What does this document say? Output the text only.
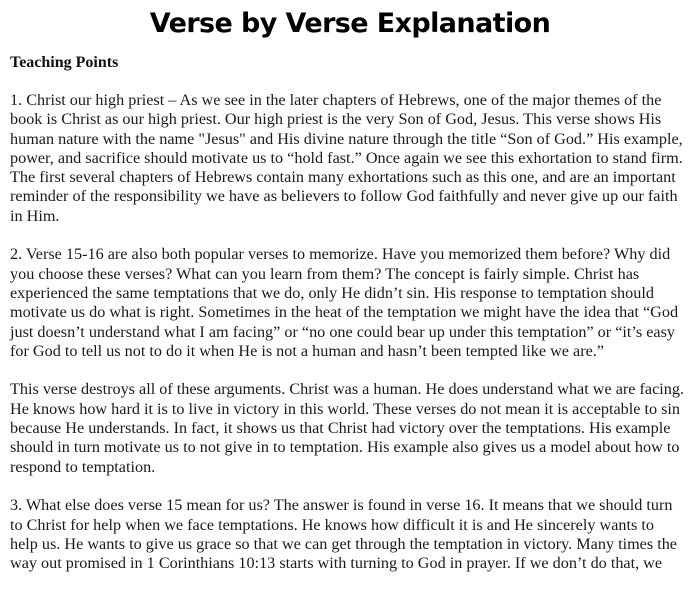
Verse by Verse Explanation
Teaching Points

1. Christ our high priest – As we see in the later chapters of Hebrews, one of the major themes of the
book is Christ as our high priest. Our high priest is the very Son of God, Jesus. This verse shows His
human nature with the name "Jesus" and His divine nature through the title “Son of God.” His example,
power, and sacrifice should motivate us to “hold fast.” Once again we see this exhortation to stand firm.
The first several chapters of Hebrews contain many exhortations such as this one, and are an important
reminder of the responsibility we have as believers to follow God faithfully and never give up our faith
in Him.

2. Verse 15-16 are also both popular verses to memorize. Have you memorized them before? Why did
you choose these verses? What can you learn from them? The concept is fairly simple. Christ has
experienced the same temptations that we do, only He didn’t sin. His response to temptation should
motivate us do what is right. Sometimes in the heat of the temptation we might have the idea that “God
just doesn’t understand what I am facing” or “no one could bear up under this temptation” or “it’s easy
for God to tell us not to do it when He is not a human and hasn’t been tempted like we are.”

This verse destroys all of these arguments. Christ was a human. He does understand what we are facing.
He knows how hard it is to live in victory in this world. These verses do not mean it is acceptable to sin
because He understands. In fact, it shows us that Christ had victory over the temptations. His example
should in turn motivate us to not give in to temptation. His example also gives us a model about how to
respond to temptation.

3. What else does verse 15 mean for us? The answer is found in verse 16. It means that we should turn
to Christ for help when we face temptations. He knows how difficult it is and He sincerely wants to
help us. He wants to give us grace so that we can get through the temptation in victory. Many times the
way out promised in 1 Corinthians 10:13 starts with turning to God in prayer. If we don’t do that, we
